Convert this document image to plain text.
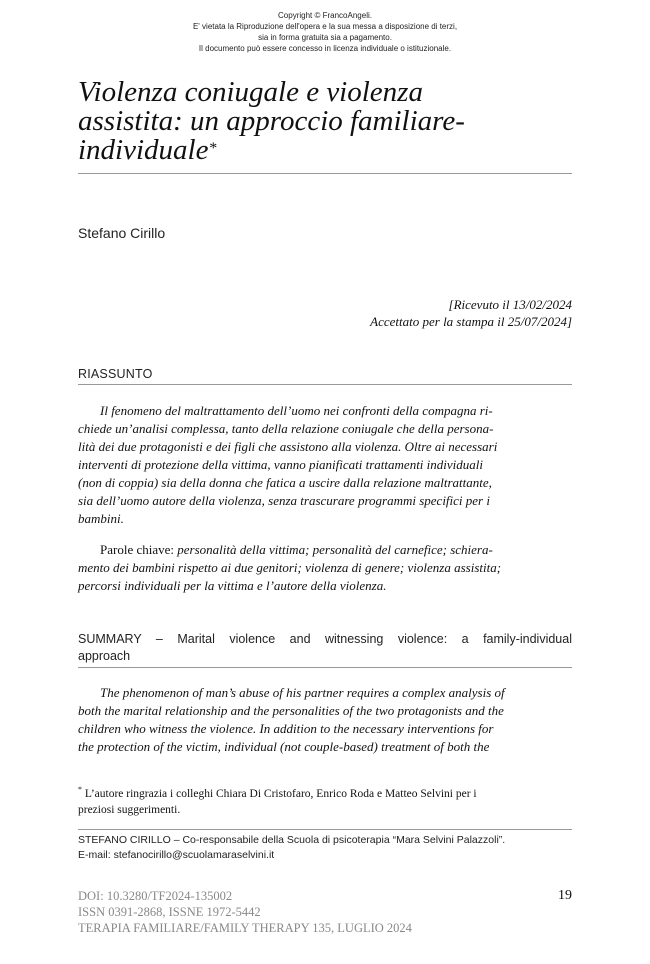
Copyright © FrancoAngeli.
E' vietata la Riproduzione dell'opera e la sua messa a disposizione di terzi,
sia in forma gratuita sia a pagamento.
Il documento può essere concesso in licenza individuale o istituzionale.
Violenza coniugale e violenza
assistita: un approccio familiare-
individuale*
Stefano Cirillo
[Ricevuto il 13/02/2024
Accettato per la stampa il 25/07/2024]
RIASSUNTO
Il fenomeno del maltrattamento dell’uomo nei confronti della compagna ri-
chiede un’analisi complessa, tanto della relazione coniugale che della persona-
lità dei due protagonisti e dei figli che assistono alla violenza. Oltre ai necessari
interventi di protezione della vittima, vanno pianificati trattamenti individuali
(non di coppia) sia della donna che fatica a uscire dalla relazione maltrattante,
sia dell’uomo autore della violenza, senza trascurare programmi specifici per i
bambini.
Parole chiave: personalità della vittima; personalità del carnefice; schiera-
mento dei bambini rispetto ai due genitori; violenza di genere; violenza assistita;
percorsi individuali per la vittima e l’autore della violenza.
SUMMARY – Marital violence and witnessing violence: a family-individual
approach
The phenomenon of man’s abuse of his partner requires a complex analysis of
both the marital relationship and the personalities of the two protagonists and the
children who witness the violence. In addition to the necessary interventions for
the protection of the victim, individual (not couple-based) treatment of both the
* L’autore ringrazia i colleghi Chiara Di Cristofaro, Enrico Roda e Matteo Selvini per i
preziosi suggerimenti.
STEFANO CIRILLO – Co-responsabile della Scuola di psicoterapia “Mara Selvini Palazzoli”.
E-mail: stefanocirillo@scuolamaraselvini.it
DOI: 10.3280/TF2024-135002
ISSN 0391-2868, ISSNE 1972-5442
TERAPIA FAMILIARE/FAMILY THERAPY 135, LUGLIO 2024
19
